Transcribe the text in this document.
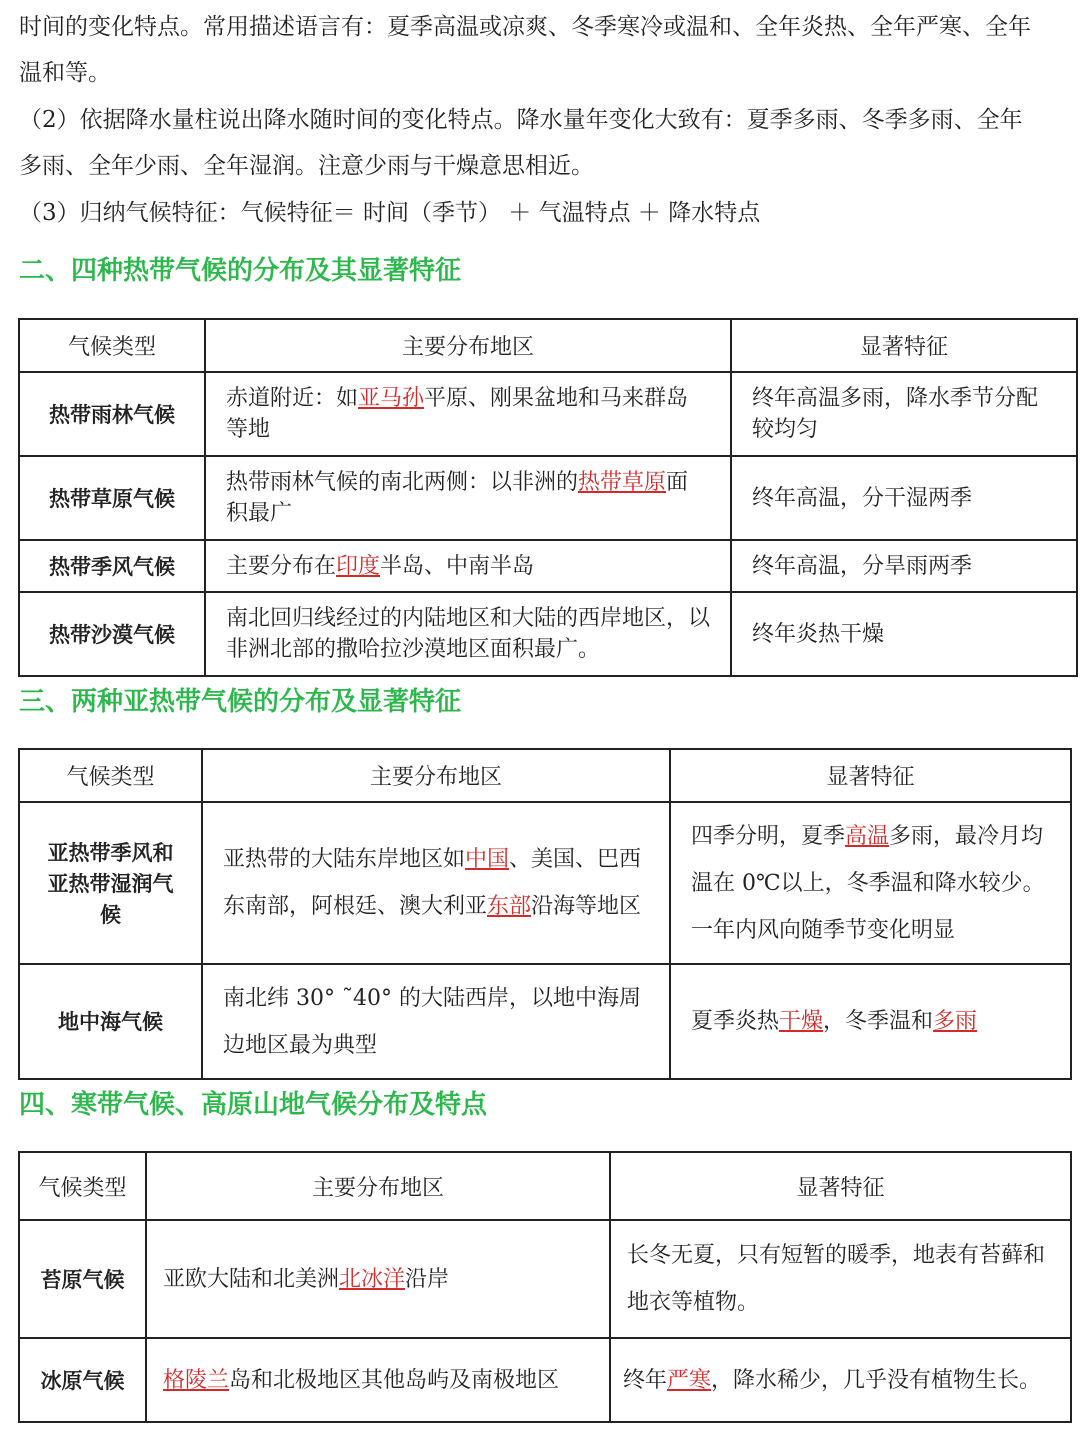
时间的变化特点。常用描述语言有：夏季高温或凉爽、冬季寒冷或温和、全年炎热、全年严寒、全年
温和等。
（2）依据降水量柱说出降水随时间的变化特点。降水量年变化大致有：夏季多雨、冬季多雨、全年
多雨、全年少雨、全年湿润。注意少雨与干燥意思相近。
（3）归纳气候特征：气候特征＝ 时间（季节） ＋ 气温特点 ＋ 降水特点
二、四种热带气候的分布及其显著特征
气候类型	主要分布地区	显著特征
热带雨林气候	赤道附近：如亚马孙平原、刚果盆地和马来群岛等地	终年高温多雨，降水季节分配较均匀
热带草原气候	热带雨林气候的南北两侧：以非洲的热带草原面积最广	终年高温，分干湿两季
热带季风气候	主要分布在印度半岛、中南半岛	终年高温，分旱雨两季
热带沙漠气候	南北回归线经过的内陆地区和大陆的西岸地区，以非洲北部的撒哈拉沙漠地区面积最广。	终年炎热干燥
三、两种亚热带气候的分布及显著特征
气候类型	主要分布地区	显著特征
亚热带季风和亚热带湿润气候	亚热带的大陆东岸地区如中国、美国、巴西东南部，阿根廷、澳大利亚东部沿海等地区	四季分明，夏季高温多雨，最冷月均温在 0℃以上，冬季温和降水较少。一年内风向随季节变化明显
地中海气候	南北纬 30° ˜40° 的大陆西岸，以地中海周边地区最为典型	夏季炎热干燥，冬季温和多雨
四、寒带气候、高原山地气候分布及特点
气候类型	主要分布地区	显著特征
苔原气候	亚欧大陆和北美洲北冰洋沿岸	长冬无夏，只有短暂的暖季，地表有苔藓和地衣等植物。
冰原气候	格陵兰岛和北极地区其他岛屿及南极地区	终年严寒，降水稀少，几乎没有植物生长。
